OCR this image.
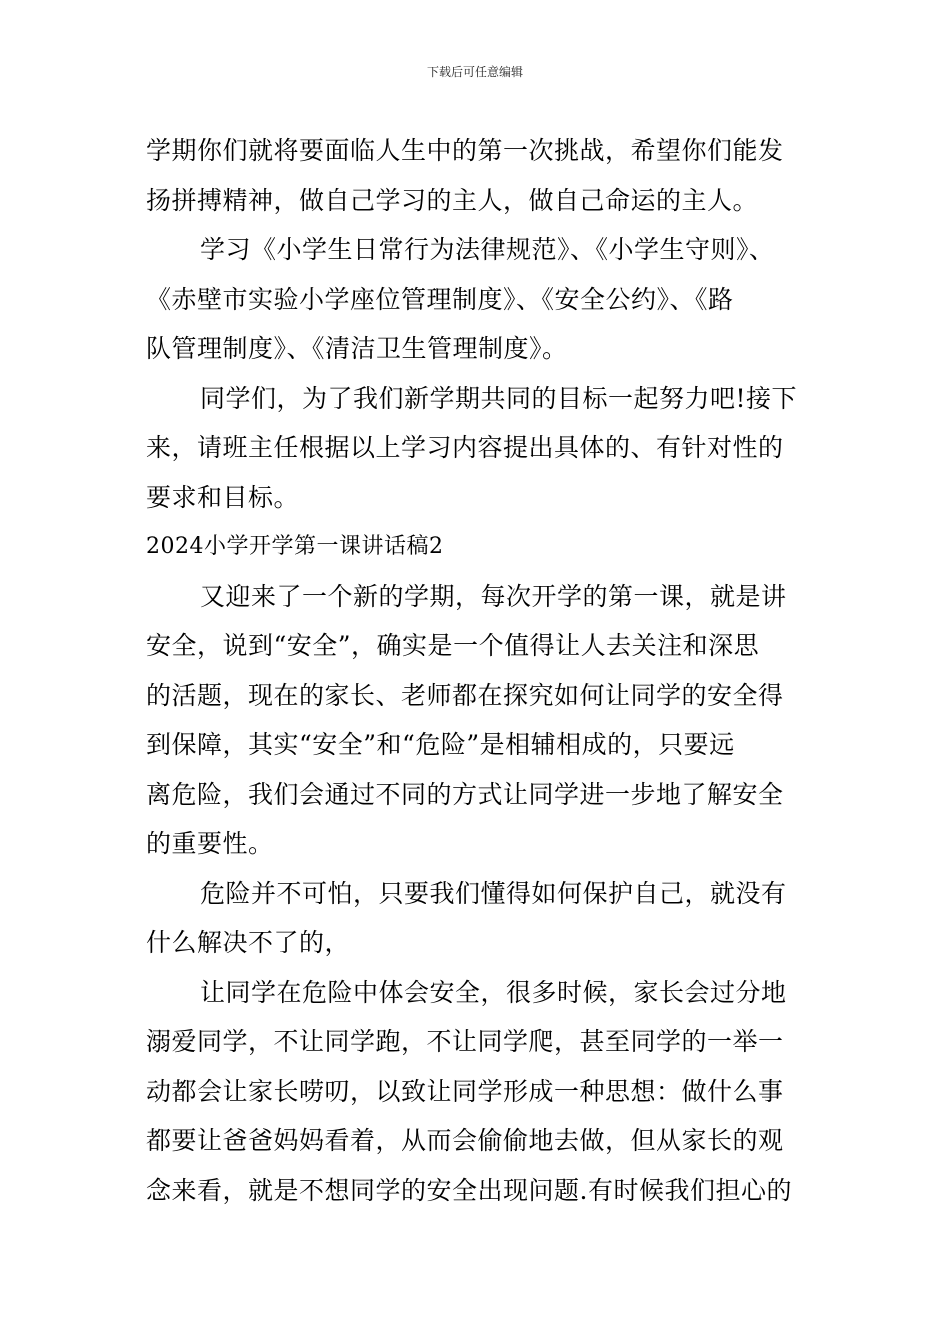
下载后可任意编辑
学期你们就将要面临人生中的第一次挑战，希望你们能发
扬拼搏精神，做自己学习的主人，做自己命运的主人。
学习《小学生日常行为法律规范》、《小学生守则》、
《赤壁市实验小学座位管理制度》、《安全公约》、《路
队管理制度》、《清洁卫生管理制度》。
同学们，为了我们新学期共同的目标一起努力吧!接下
来，请班主任根据以上学习内容提出具体的、有针对性的
要求和目标。
2024小学开学第一课讲话稿2
又迎来了一个新的学期，每次开学的第一课，就是讲
安全，说到“安全”，确实是一个值得让人去关注和深思
的活题，现在的家长、老师都在探究如何让同学的安全得
到保障，其实“安全”和“危险”是相辅相成的，只要远
离危险，我们会通过不同的方式让同学进一步地了解安全
的重要性。
危险并不可怕，只要我们懂得如何保护自己，就没有
什么解决不了的，
让同学在危险中体会安全，很多时候，家长会过分地
溺爱同学，不让同学跑，不让同学爬，甚至同学的一举一
动都会让家长唠叨，以致让同学形成一种思想：做什么事
都要让爸爸妈妈看着，从而会偷偷地去做，但从家长的观
念来看，就是不想同学的安全出现问题.有时候我们担心的
